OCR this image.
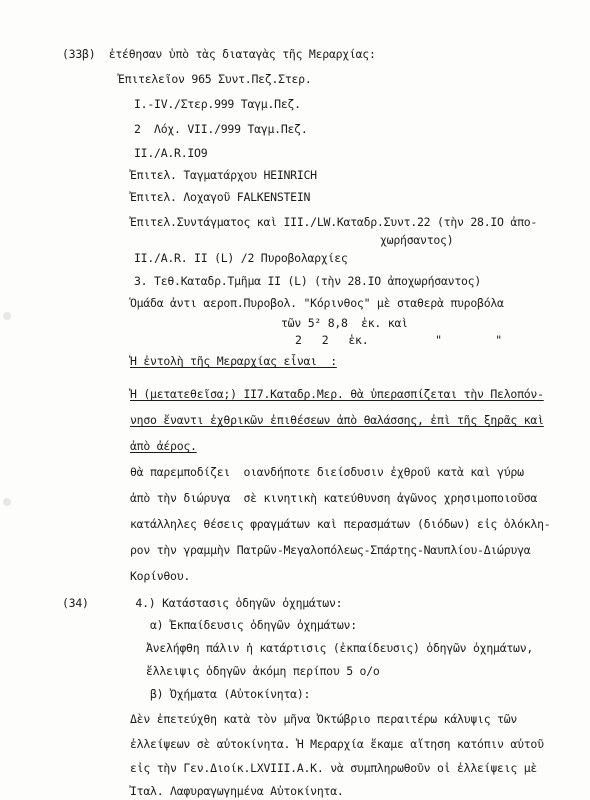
(33β)  ἐτέθησαν ὑπὸ τὰς διαταγὰς τῆς Μεραρχίας:
Ἐπιτελεῖον 965 Συντ.Πεζ.Στερ.
I.-IV./Στερ.999 Ταγμ.Πεζ.
2  Λόχ. VII./999 Ταγμ.Πεζ.
II./A.R.IO9
Ἐπιτελ. Ταγματάρχου HEINRICH
Ἐπιτελ. Λοχαγοῦ FALKENSTEIN
Ἐπιτελ.Συντάγματος καὶ III./LW.Καταδρ.Συντ.22 (τὴν 28.IO ἀπο-
χωρήσαντος)
II./A.R. II (L) /2 Πυροβολαρχίες
3. Τεθ.Καταδρ.Τμῆμα II (L) (τὴν 28.IO ἀποχωρήσαντος)
Ὁμάδα ἀντι αεροπ.Πυροβολ. "Κόρινθος" μὲ σταθερὰ πυροβόλα
τῶν 5² 8,8  ἑκ. καὶ
2   2   ἑκ.          "        "
Ἡ ἐντολὴ τῆς Μεραρχίας εἶναι  :
Ἡ (μετατεθεῖσα;) II7.Καταδρ.Μερ. θὰ ὑπερασπίζεται τὴν Πελοπόν-
νησο ἔναντι ἐχθρικῶν ἐπιθέσεων ἀπὸ θαλάσσης, ἐπὶ τῆς ξηρᾶς καὶ
ἀπὸ ἀέρος.
θὰ παρεμποδίζει  οιανδήποτε διείσδυσιν ἐχθροῦ κατὰ καὶ γύρω
ἀπὸ τὴν διώρυγα  σὲ κινητικὴ κατεύθυνση ἀγῶνος χρησιμοποιοῦσα
κατάλληλες θέσεις φραγμάτων καὶ περασμάτων (διόδων) εἰς ὁλόκλη-
ρον τὴν γραμμὴν Πατρῶν-Μεγαλοπόλεως-Σπάρτης-Ναυπλίου-Διώρυγα
Κορίνθου.
(34)       4.) Κατάστασις ὁδηγῶν ὀχημάτων:
α) Ἐκπαίδευσις ὁδηγῶν ὀχημάτων:
Ἀνελήφθη πάλιν ἡ κατάρτισις (ἐκπαίδευσις) ὁδηγῶν ὀχημάτων,
ἔλλειψις ὁδηγῶν ἀκόμη περίπου 5 ο/ο
β) Ὀχήματα (Αὐτοκίνητα):
Δὲν ἐπετεύχθη κατὰ τὸν μῆνα Ὀκτώβριο περαιτέρω κάλυψις τῶν
ἐλλείψεων σὲ αὐτοκίνητα. Ἡ Μεραρχία ἔκαμε αἴτηση κατόπιν αὐτοῦ
εἰς τὴν Γεν.Διοίκ.LXVIII.A.K. νὰ συμπληρωθοῦν οἱ ἐλλείψεις μὲ
Ἰταλ. Λαφυραγωγημένα Αὐτοκίνητα.
